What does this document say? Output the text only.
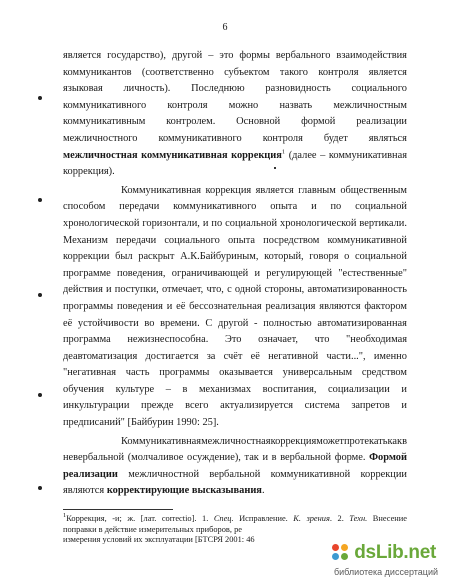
6
является государство), другой – это формы вербального взаимодействия
коммуникантов (соответственно субъектом такого контроля является
языковая личность). Последнюю разновидность социального
коммуникативного контроля можно назвать межличностным
коммуникативным контролем. Основной формой реализации
межличностного коммуникативного контроля будет являться
межличностная коммуникативная коррекция$^1$ (далее – коммуникативная
коррекция).
Коммуникативная коррекция является главным общественным
способом передачи коммуникативного опыта и по социальной
хронологической горизонтали, и по социальной хронологической вертикали.
Механизм передачи социального опыта посредством коммуникативной
коррекции был раскрыт А.К.Байбуриным, который, говоря о социальной
программе поведения, ограничивающей и регулирующей "естественные"
действия и поступки, отмечает, что, с одной стороны, автоматизированность
программы поведения и её бессознательная реализация являются фактором
её устойчивости во времени. С другой - полностью автоматизированная
программа нежизнеспособна. Это означает, что "необходимая
деавтоматизация достигается за счёт её негативной части...", именно
"негативная часть программы оказывается универсальным средством
обучения культуре – в механизмах воспитания, социализации и
инкультурации прежде всего актуализируется система запретов и
предписаний"
[Байбурин
1990:
25].
Коммуникативная межличностная коррекция может протекать как в
невербальной (молчаливое осуждение), так и в вербальной форме. Формой
реализации межличностной вербальной коммуникативной коррекции
являются
корректирующие
высказывания.
$^1$Коррекция, -и; ж. [лат. correctio]. 1. Спец. Исправление. К. зрения. 2. Техн. Внесение
поправки
в
действие
измерительных
приборов,
ре
измерения
условий
их
эксплуатации
[БТСРЯ
2001:
46
dsLib.net
библиотека диссертаций
